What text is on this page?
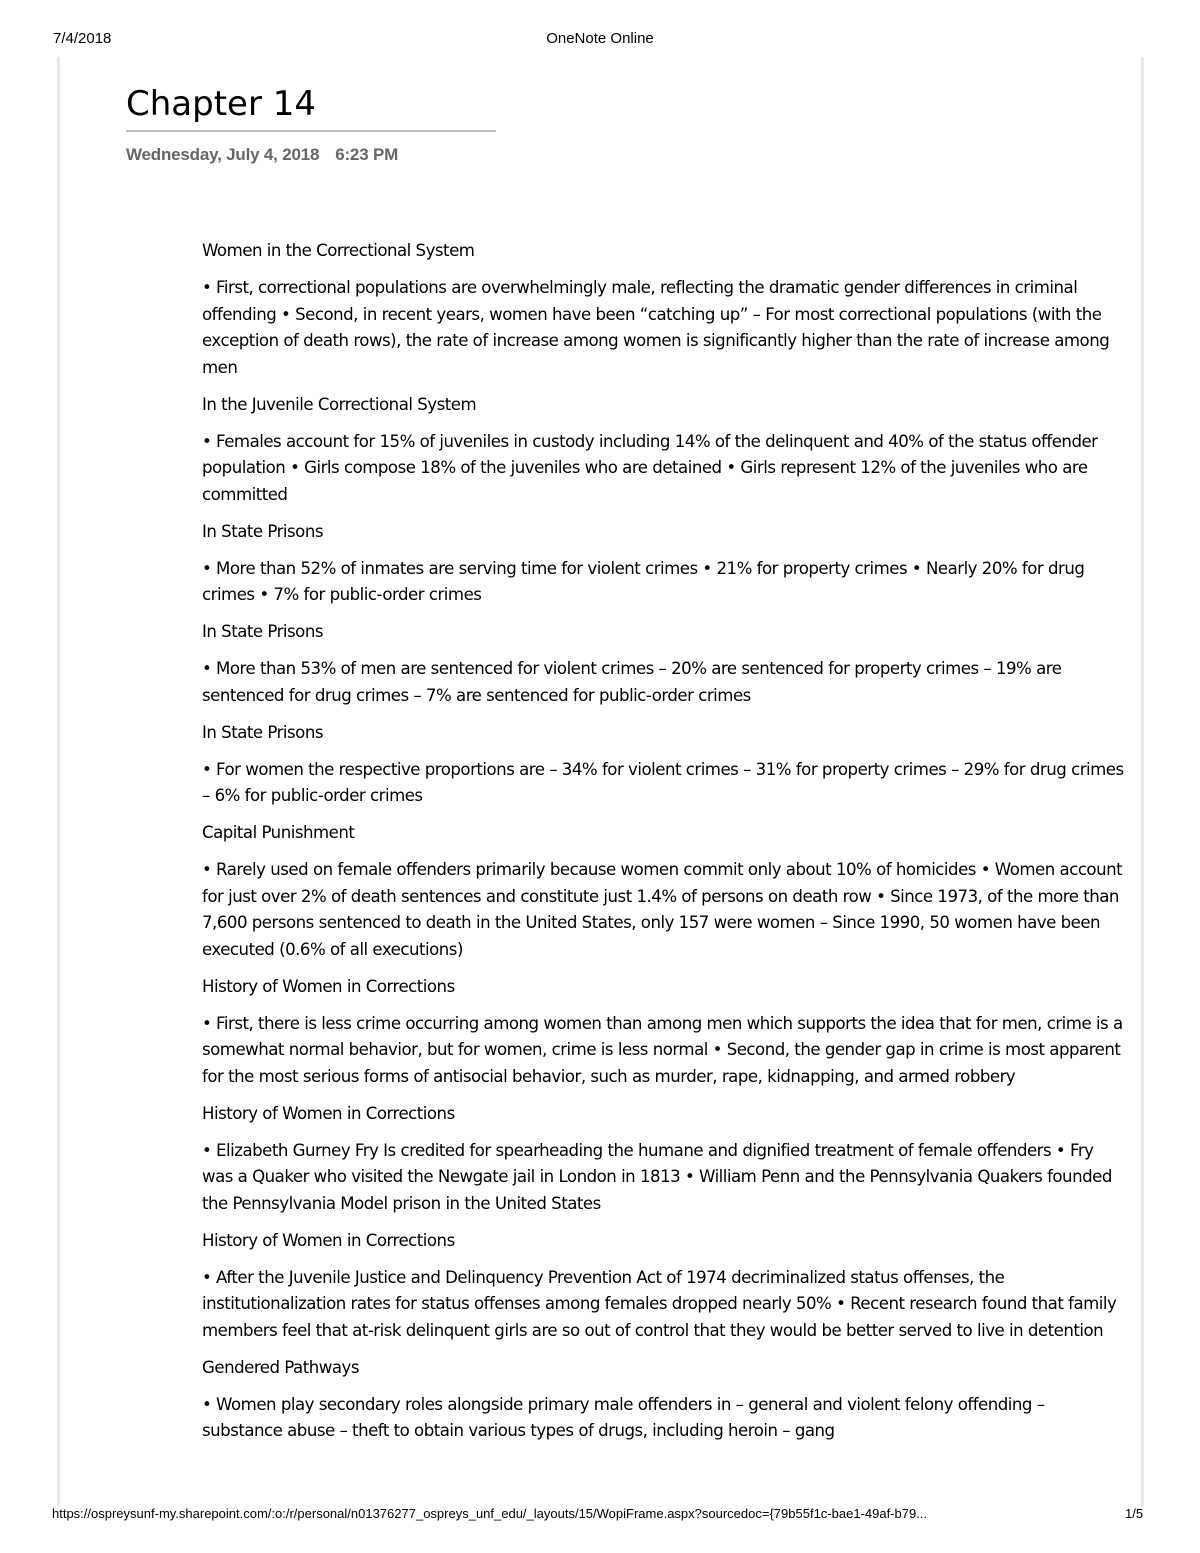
7/4/2018	OneNote Online
Chapter 14
Wednesday, July 4, 2018 6:23 PM

Women in the Correctional System

• First, correctional populations are overwhelmingly male, reflecting the dramatic gender differences in criminal offending • Second, in recent years, women have been “catching up” – For most correctional populations (with the exception of death rows), the rate of increase among women is significantly higher than the rate of increase among men

In the Juvenile Correctional System

• Females account for 15% of juveniles in custody including 14% of the delinquent and 40% of the status offender population • Girls compose 18% of the juveniles who are detained • Girls represent 12% of the juveniles who are committed

In State Prisons

• More than 52% of inmates are serving time for violent crimes • 21% for property crimes • Nearly 20% for drug crimes • 7% for public-order crimes

In State Prisons

• More than 53% of men are sentenced for violent crimes – 20% are sentenced for property crimes – 19% are sentenced for drug crimes – 7% are sentenced for public-order crimes

In State Prisons

• For women the respective proportions are – 34% for violent crimes – 31% for property crimes – 29% for drug crimes – 6% for public-order crimes

Capital Punishment

• Rarely used on female offenders primarily because women commit only about 10% of homicides • Women account for just over 2% of death sentences and constitute just 1.4% of persons on death row • Since 1973, of the more than 7,600 persons sentenced to death in the United States, only 157 were women – Since 1990, 50 women have been executed (0.6% of all executions)

History of Women in Corrections

• First, there is less crime occurring among women than among men which supports the idea that for men, crime is a somewhat normal behavior, but for women, crime is less normal • Second, the gender gap in crime is most apparent for the most serious forms of antisocial behavior, such as murder, rape, kidnapping, and armed robbery

History of Women in Corrections

• Elizabeth Gurney Fry Is credited for spearheading the humane and dignified treatment of female offenders • Fry was a Quaker who visited the Newgate jail in London in 1813 • William Penn and the Pennsylvania Quakers founded the Pennsylvania Model prison in the United States

History of Women in Corrections

• After the Juvenile Justice and Delinquency Prevention Act of 1974 decriminalized status offenses, the institutionalization rates for status offenses among females dropped nearly 50% • Recent research found that family members feel that at-risk delinquent girls are so out of control that they would be better served to live in detention

Gendered Pathways

• Women play secondary roles alongside primary male offenders in – general and violent felony offending – substance abuse – theft to obtain various types of drugs, including heroin – gang

https://ospreysunf-my.sharepoint.com/:o:/r/personal/n01376277_ospreys_unf_edu/_layouts/15/WopiFrame.aspx?sourcedoc={79b55f1c-bae1-49af-b79...	1/5
